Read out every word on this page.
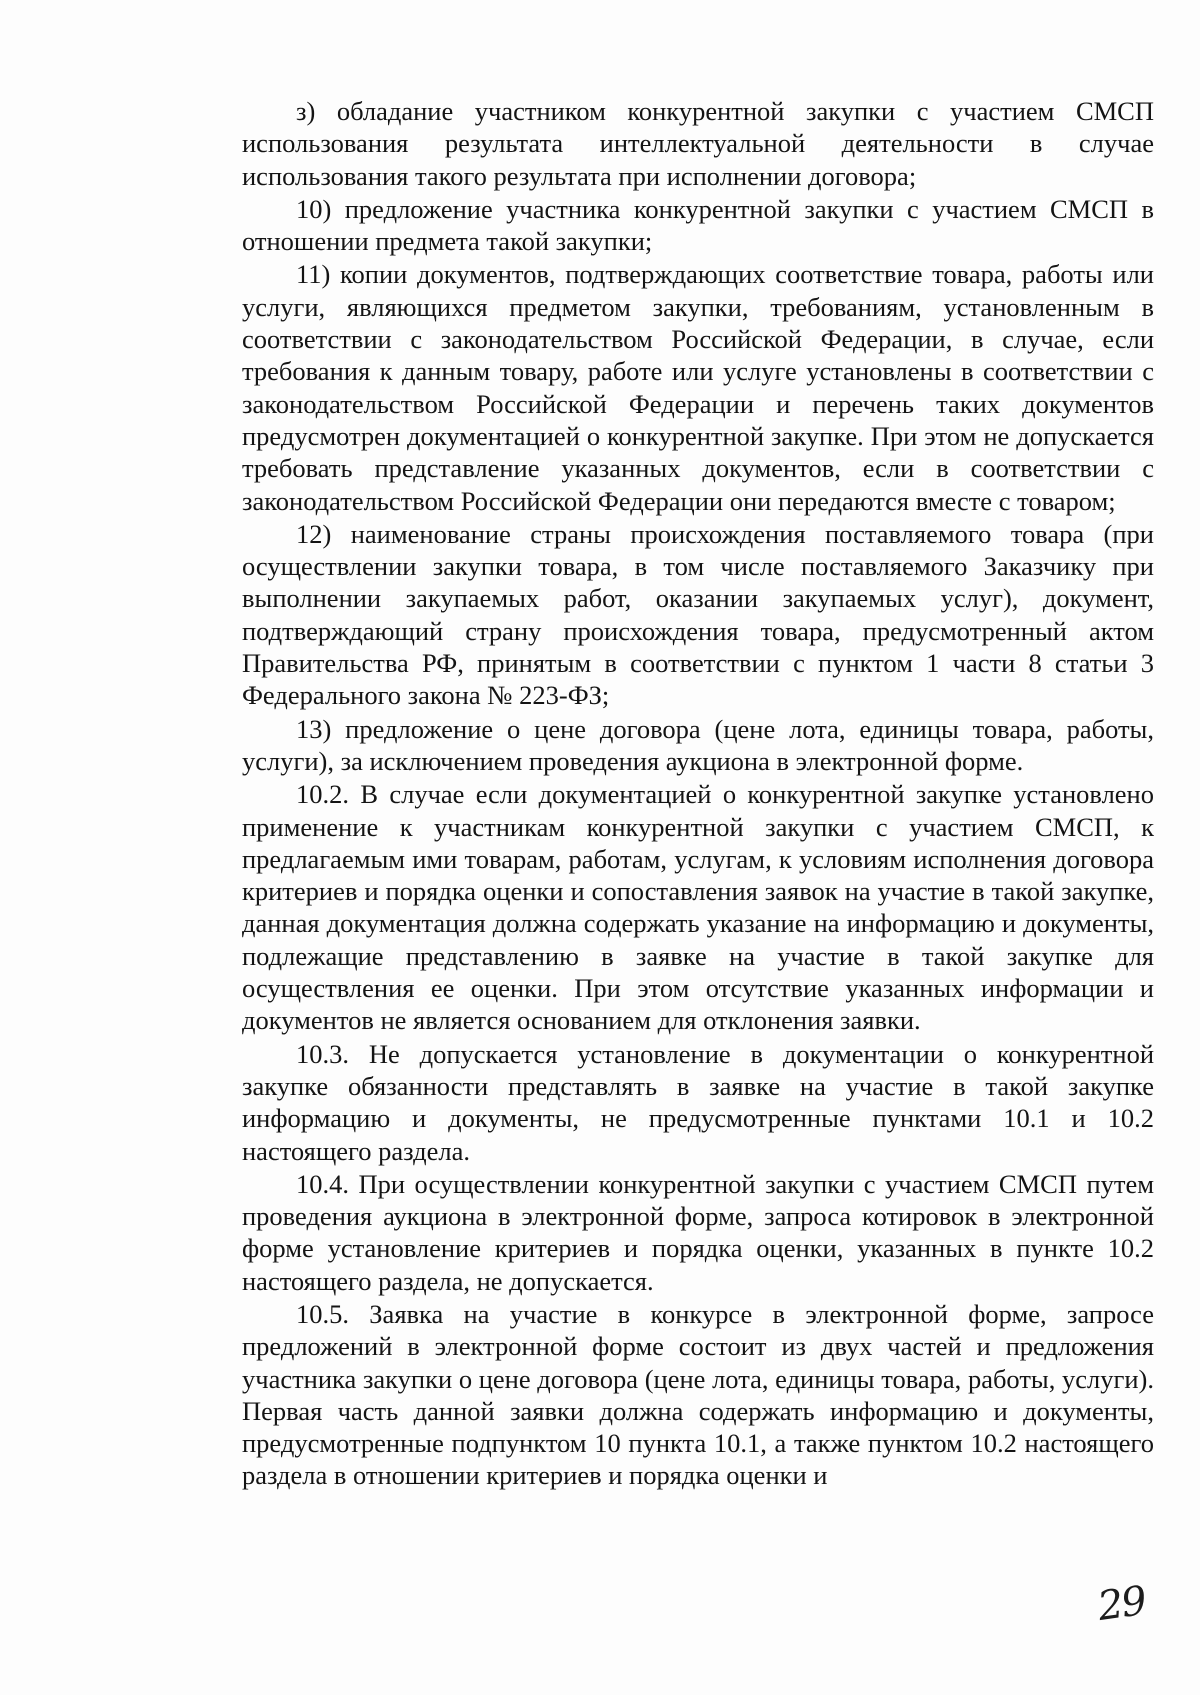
з) обладание участником конкурентной закупки с участием СМСП использования результата интеллектуальной деятельности в случае использования такого результата при исполнении договора;

10) предложение участника конкурентной закупки с участием СМСП в отношении предмета такой закупки;

11) копии документов, подтверждающих соответствие товара, работы или услуги, являющихся предметом закупки, требованиям, установленным в соответствии с законодательством Российской Федерации, в случае, если требования к данным товару, работе или услуге установлены в соответствии с законодательством Российской Федерации и перечень таких документов предусмотрен документацией о конкурентной закупке. При этом не допускается требовать представление указанных документов, если в соответствии с законодательством Российской Федерации они передаются вместе с товаром;

12) наименование страны происхождения поставляемого товара (при осуществлении закупки товара, в том числе поставляемого Заказчику при выполнении закупаемых работ, оказании закупаемых услуг), документ, подтверждающий страну происхождения товара, предусмотренный актом Правительства РФ, принятым в соответствии с пунктом 1 части 8 статьи 3 Федерального закона № 223-ФЗ;

13) предложение о цене договора (цене лота, единицы товара, работы, услуги), за исключением проведения аукциона в электронной форме.

10.2. В случае если документацией о конкурентной закупке установлено применение к участникам конкурентной закупки с участием СМСП, к предлагаемым ими товарам, работам, услугам, к условиям исполнения договора критериев и порядка оценки и сопоставления заявок на участие в такой закупке, данная документация должна содержать указание на информацию и документы, подлежащие представлению в заявке на участие в такой закупке для осуществления ее оценки. При этом отсутствие указанных информации и документов не является основанием для отклонения заявки.

10.3. Не допускается установление в документации о конкурентной закупке обязанности представлять в заявке на участие в такой закупке информацию и документы, не предусмотренные пунктами 10.1 и 10.2 настоящего раздела.

10.4. При осуществлении конкурентной закупки с участием СМСП путем проведения аукциона в электронной форме, запроса котировок в электронной форме установление критериев и порядка оценки, указанных в пункте 10.2 настоящего раздела, не допускается.

10.5. Заявка на участие в конкурсе в электронной форме, запросе предложений в электронной форме состоит из двух частей и предложения участника закупки о цене договора (цене лота, единицы товара, работы, услуги). Первая часть данной заявки должна содержать информацию и документы, предусмотренные подпунктом 10 пункта 10.1, а также пунктом 10.2 настоящего раздела в отношении критериев и порядка оценки и

29
